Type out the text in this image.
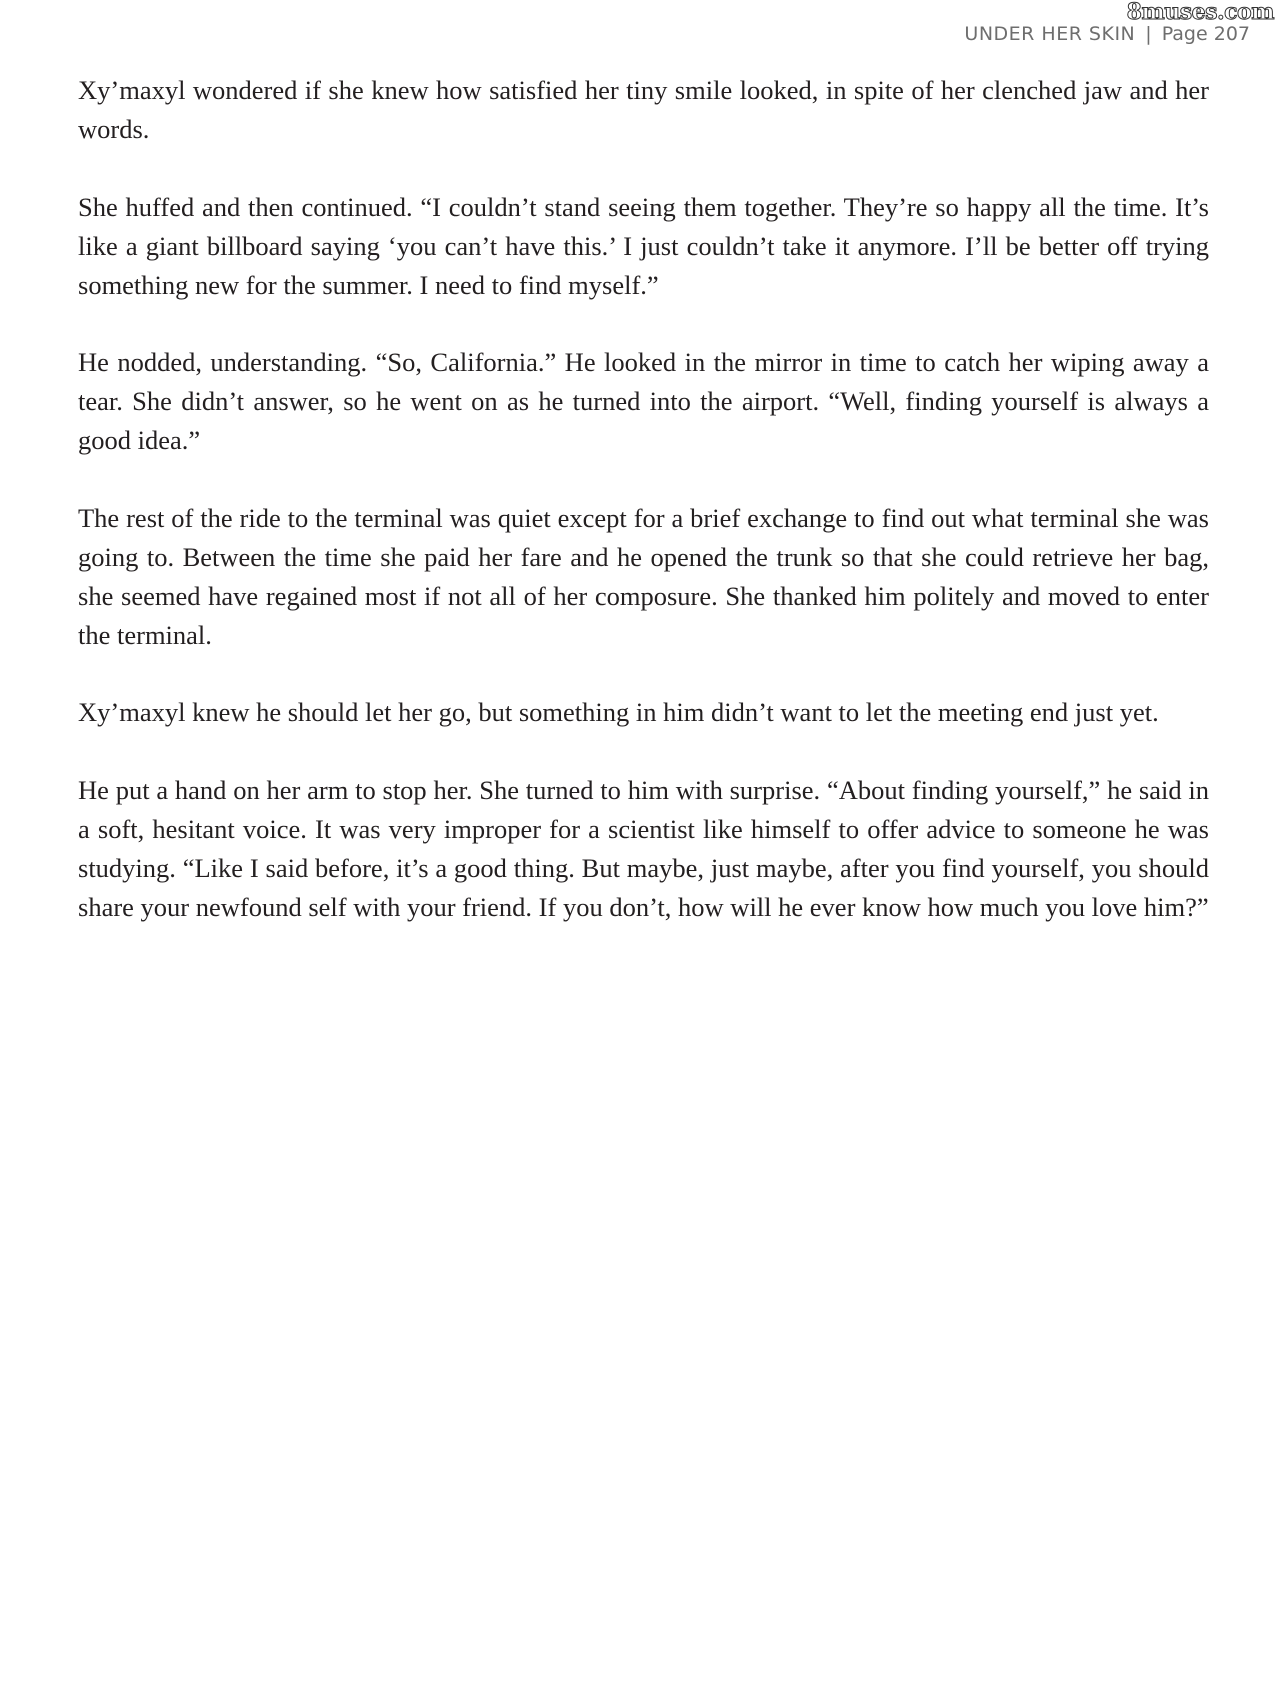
8muses.com
UNDER HER SKIN | Page 207

Xy’maxyl wondered if she knew how satisfied her tiny smile looked, in spite of her clenched jaw and her words.

She huffed and then continued. “I couldn’t stand seeing them together. They’re so happy all the time. It’s like a giant billboard saying ‘you can’t have this.’ I just couldn’t take it anymore. I’ll be better off trying something new for the summer. I need to find myself.”

He nodded, understanding. “So, California.” He looked in the mirror in time to catch her wiping away a tear. She didn’t answer, so he went on as he turned into the airport. “Well, finding yourself is always a good idea.”

The rest of the ride to the terminal was quiet except for a brief exchange to find out what terminal she was going to. Between the time she paid her fare and he opened the trunk so that she could retrieve her bag, she seemed have regained most if not all of her composure. She thanked him politely and moved to enter the terminal.

Xy’maxyl knew he should let her go, but something in him didn’t want to let the meeting end just yet.

He put a hand on her arm to stop her. She turned to him with surprise. “About finding yourself,” he said in a soft, hesitant voice. It was very improper for a scientist like himself to offer advice to someone he was studying. “Like I said before, it’s a good thing. But maybe, just maybe, after you find yourself, you should share your newfound self with your friend. If you don’t, how will he ever know how much you love him?”
